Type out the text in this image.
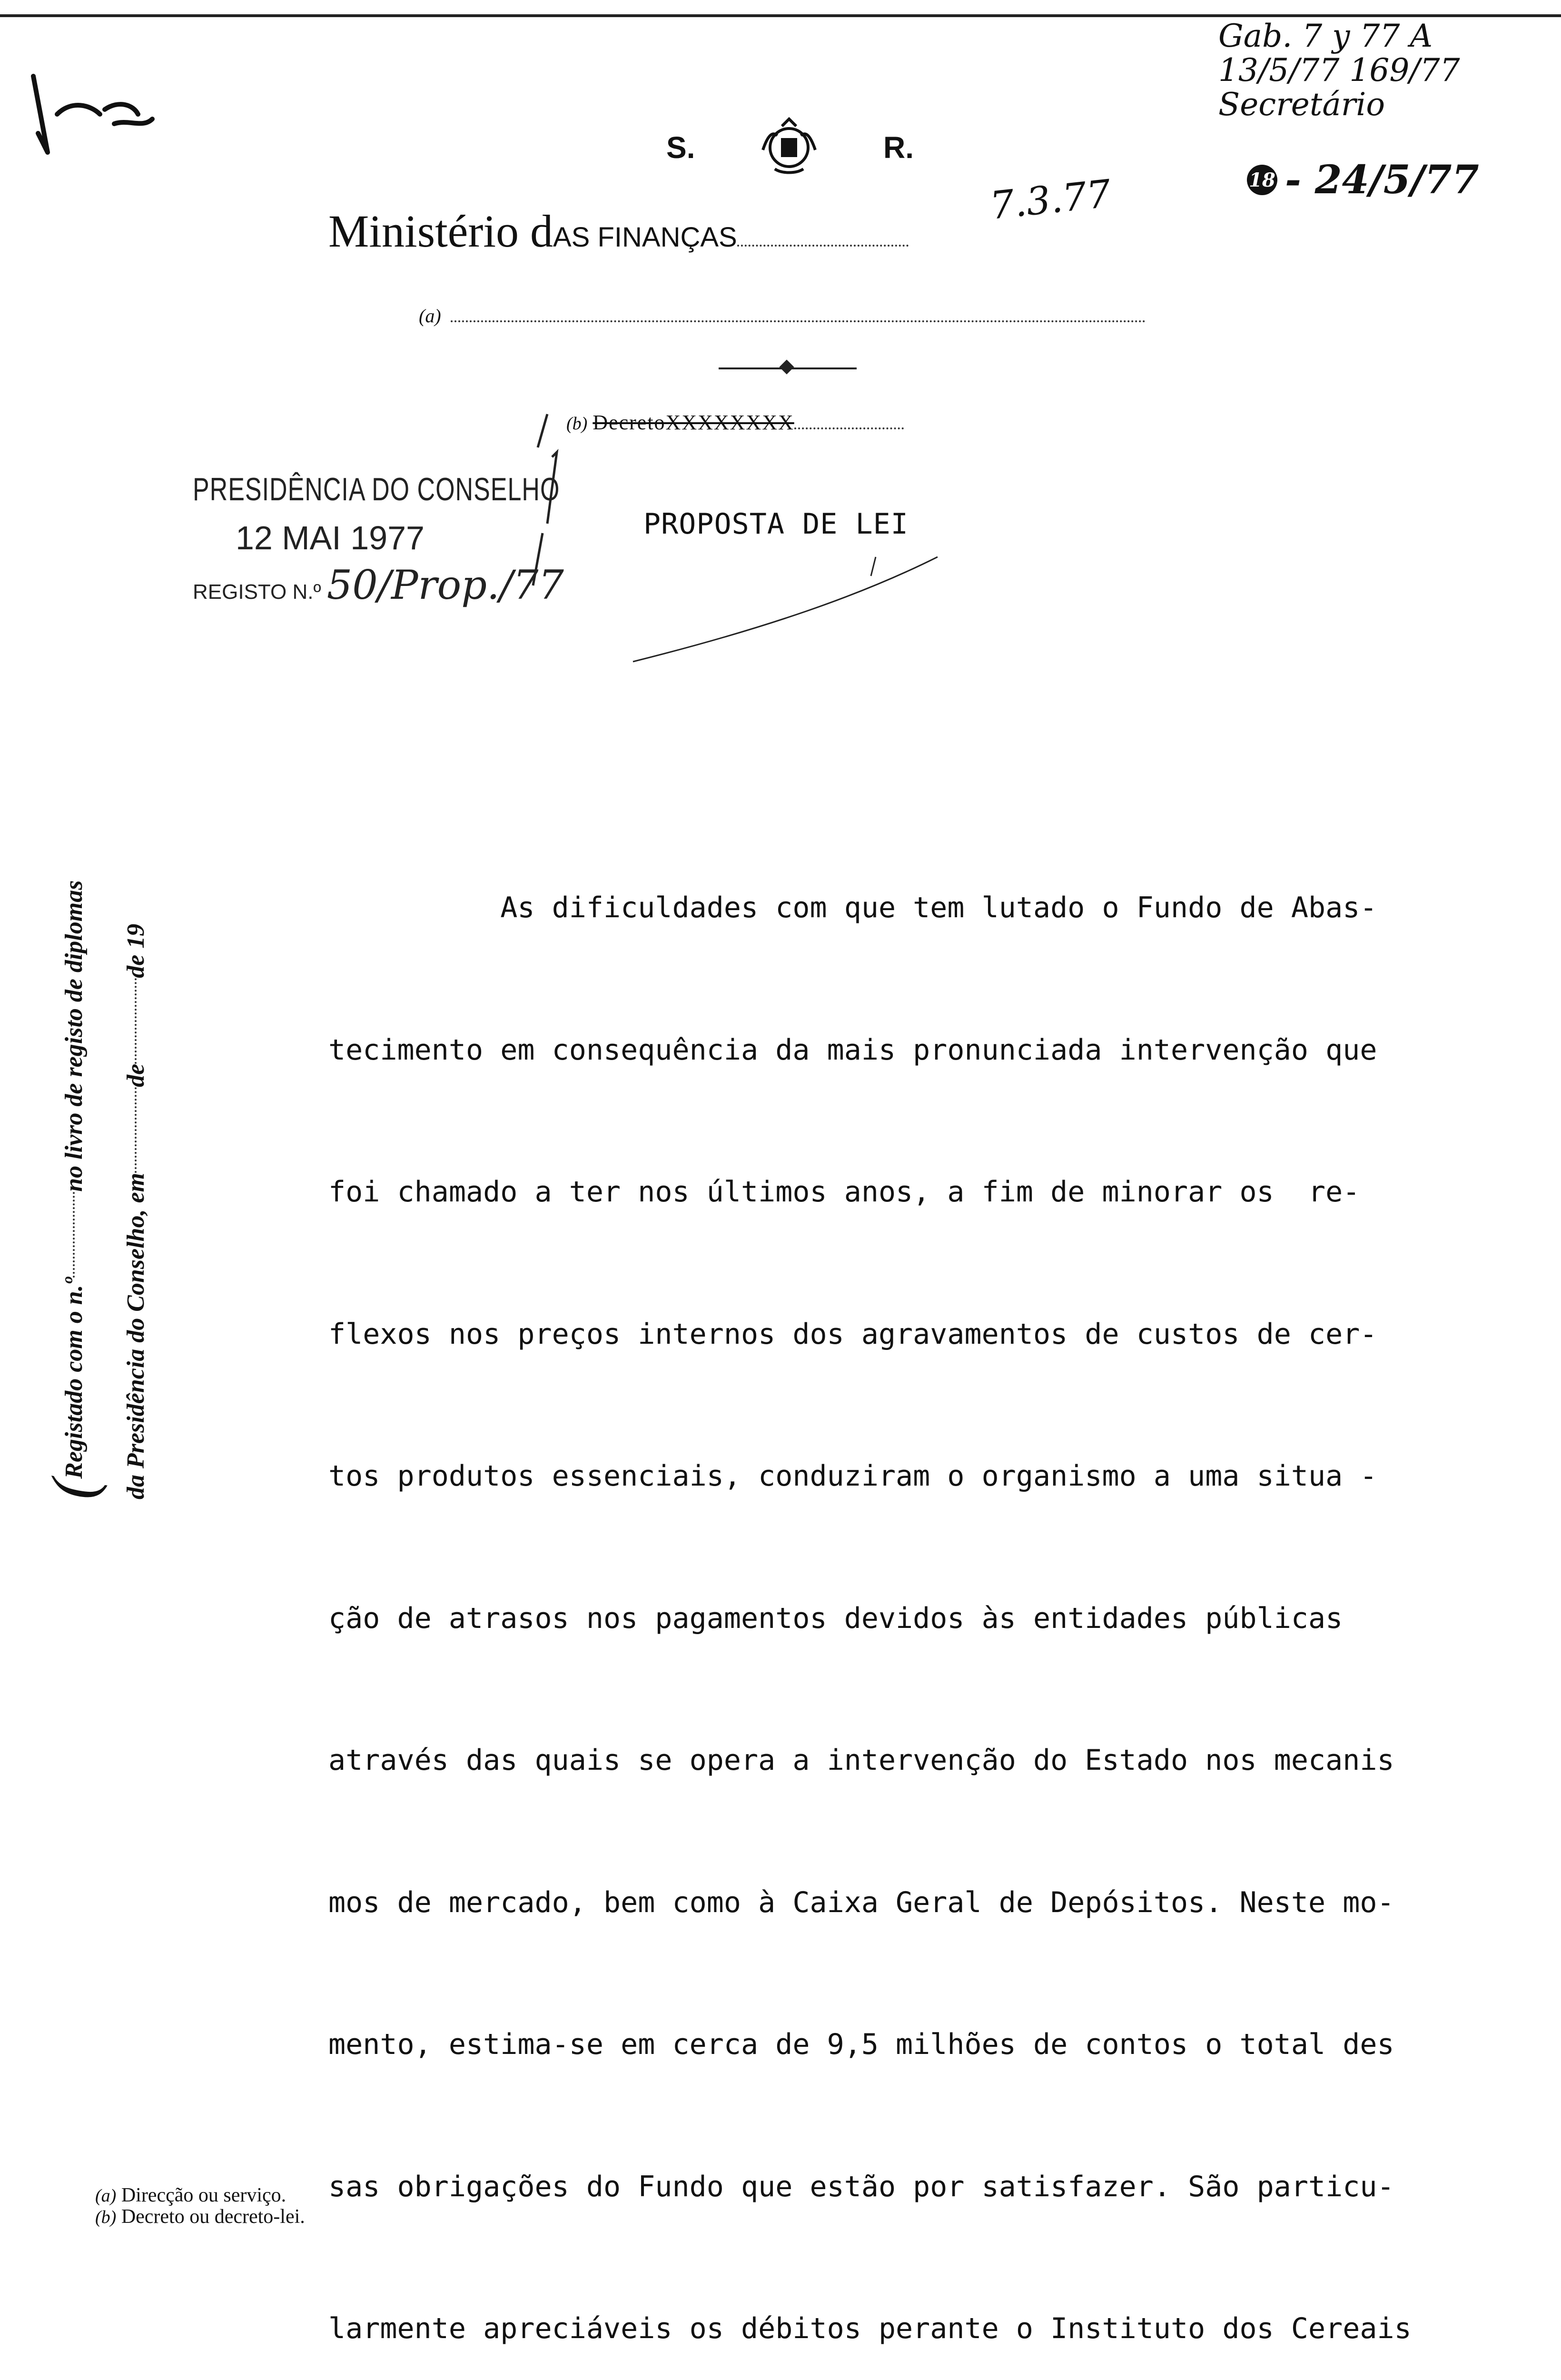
S.	R.
Ministério dAS FINANÇAS
Gab. 7 y 77 A
13/5/77 169/77
Secretário
18 - 24/5/77
7.3.77
(a)
(b) DecretoXXXXXXXX
PRESIDÊNCIA DO CONSELHO
12 MAI 1977
REGISTO N.º 50/Prop./77
PROPOSTA DE LEI
(
Registado com o n.º
no livro de registo de diplomas
da Presidência do Conselho, em
de
de 19

As dificuldades com que tem lutado o Fundo de Abas-

tecimento em consequência da mais pronunciada intervenção que

foi chamado a ter nos últimos anos, a fim de minorar os  re-

flexos nos preços internos dos agravamentos de custos de cer-

tos produtos essenciais, conduziram o organismo a uma situa -

ção de atrasos nos pagamentos devidos às entidades públicas

através das quais se opera a intervenção do Estado nos mecanis

mos de mercado, bem como à Caixa Geral de Depósitos. Neste mo-

mento, estima-se em cerca de 9,5 milhões de contos o total des

sas obrigações do Fundo que estão por satisfazer. São particu-

larmente apreciáveis os débitos perante o Instituto dos Cereais

(a) Direcção ou serviço.
(b) Decreto ou decreto-lei.
